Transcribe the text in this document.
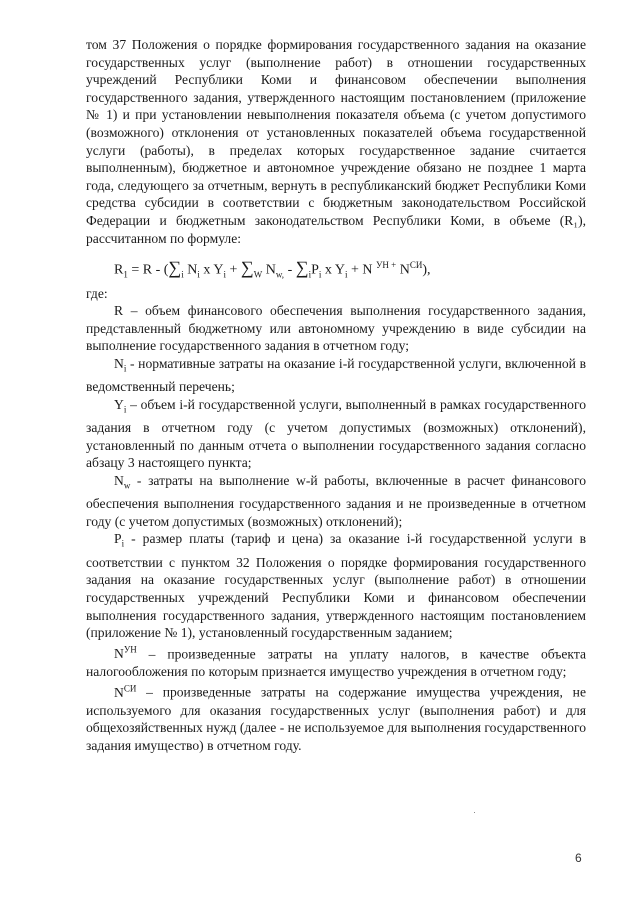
том 37 Положения о порядке формирования государственного задания на оказание государственных услуг (выполнение работ) в отношении государственных учреждений Республики Коми и финансовом обеспечении выполнения государственного задания, утвержденного настоящим постановлением (приложение № 1) и при установлении невыполнения показателя объема (с учетом допустимого (возможного) отклонения от установленных показателей объема государственной услуги (работы), в пределах которых государственное задание считается выполненным), бюджетное и автономное учреждение обязано не позднее 1 марта года, следующего за отчетным, вернуть в республиканский бюджет Республики Коми средства субсидии в соответствии с бюджетным законодательством Российской Федерации и бюджетным законодательством Республики Коми, в объеме (R₁), рассчитанном по формуле:

$R_1 = R - (\sum_i$ $N_i$ x $Y_i + \sum_W$ $N_{w,} - \sum_iP_i$ x $Y_i + N$ $^{УН +}$ $N^{СИ}$),

где:

R – объем финансового обеспечения выполнения государственного задания, представленный бюджетному или автономному учреждению в виде субсидии на выполнение государственного задания в отчетном году;

$N_i$ - нормативные затраты на оказание i-й государственной услуги, включенной в ведомственный перечень;

$Y_i$ – объем i-й государственной услуги, выполненный в рамках государственного задания в отчетном году (с учетом допустимых (возможных) отклонений), установленный по данным отчета о выполнении государственного задания согласно абзацу 3 настоящего пункта;

$N_w$ - затраты на выполнение w-й работы, включенные в расчет финансового обеспечения выполнения государственного задания и не произведенные в отчетном году (с учетом допустимых (возможных) отклонений);

$P_i$ - размер платы (тариф и цена) за оказание i-й государственной услуги в соответствии с пунктом 32 Положения о порядке формирования государственного задания на оказание государственных услуг (выполнение работ) в отношении государственных учреждений Республики Коми и финансовом обеспечении выполнения государственного задания, утвержденного настоящим постановлением (приложение № 1), установленный государственным заданием;

$N^{УН}$ – произведенные затраты на уплату налогов, в качестве объекта налогообложения по которым признается имущество учреждения в отчетном году;

$N^{СИ}$ – произведенные затраты на содержание имущества учреждения, не используемого для оказания государственных услуг (выполнения работ) и для общехозяйственных нужд (далее - не используемое для выполнения государственного задания имущество) в отчетном году.

6
